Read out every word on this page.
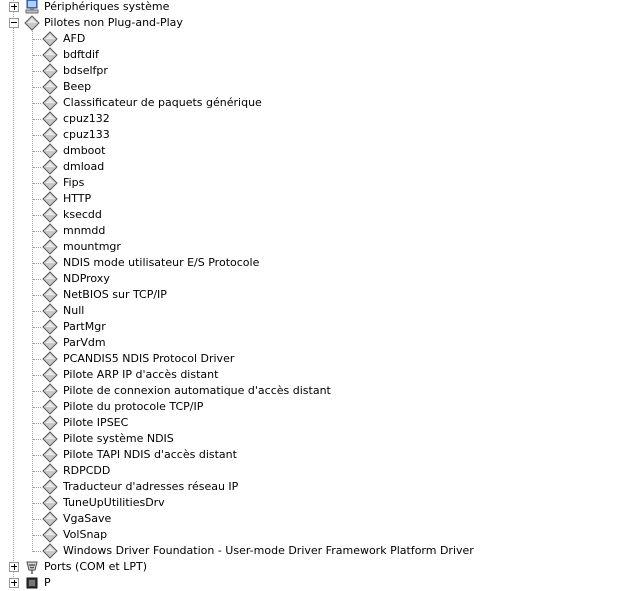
Périphériques système
Pilotes non Plug-and-Play
AFD
bdftdif
bdselfpr
Beep
Classificateur de paquets générique
cpuz132
cpuz133
dmboot
dmload
Fips
HTTP
ksecdd
mnmdd
mountmgr
NDIS mode utilisateur E/S Protocole
NDProxy
NetBIOS sur TCP/IP
Null
PartMgr
ParVdm
PCANDIS5 NDIS Protocol Driver
Pilote ARP IP d'accès distant
Pilote de connexion automatique d'accès distant
Pilote du protocole TCP/IP
Pilote IPSEC
Pilote système NDIS
Pilote TAPI NDIS d'accès distant
RDPCDD
Traducteur d'adresses réseau IP
TuneUpUtilitiesDrv
VgaSave
VolSnap
Windows Driver Foundation - User-mode Driver Framework Platform Driver
Ports (COM et LPT)
P
